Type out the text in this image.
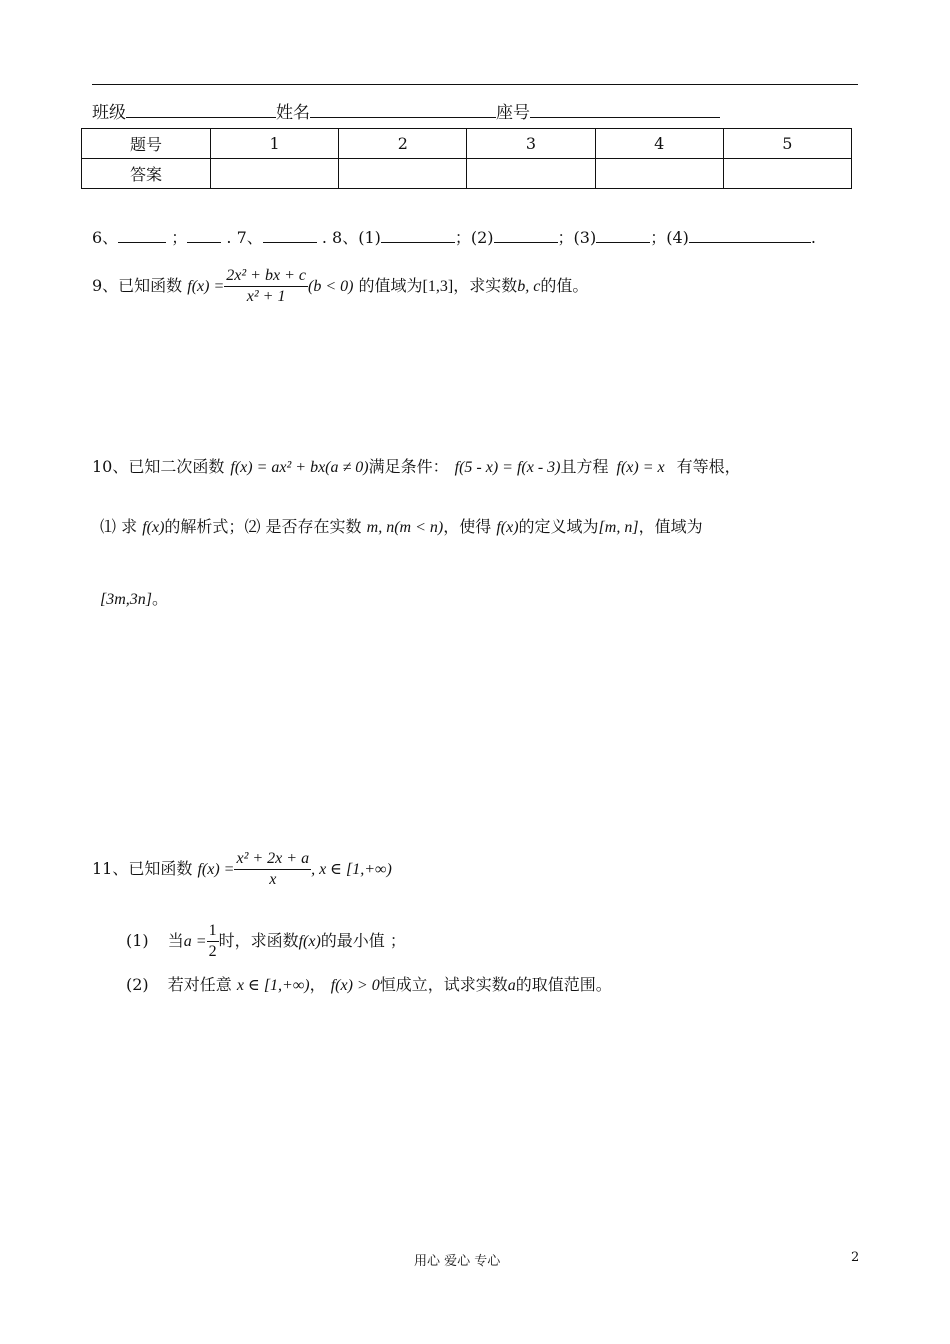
班级	姓名	座号
题号	1	2	3	4	5
答案					
6、	； . 7、	. 8、(1)	；(2)	；(3)	；(4)	.
9、已知函数 $f(x) = \frac{\text{2x² + bx + c}}{\text{x² + 1}} (b < 0)$ 的值域为[1,3]，求实数b, c的值。
10、已知二次函数 f(x) = ax² + bx(a ≠ 0)满足条件： f(5 - x) = f(x - 3)且方程 f(x) = x 有等根，
⑴ 求 f(x)的解析式；⑵ 是否存在实数 m, n(m < n)，使得 f(x)的定义域为[m, n]，值域为
[3m,3n]。
11、已知函数 $f(x) = \frac{\text{x² + 2x + a}}{x}$ , x ∈ [1,+∞)
(1) 当$a = \frac{1}{2}$ 时，求函数f(x)的最小值 ；
(2) 若对任意 x ∈ [1,+∞)， f(x) > 0恒成立，试求实数a的取值范围。
用心 爱心 专心	2
